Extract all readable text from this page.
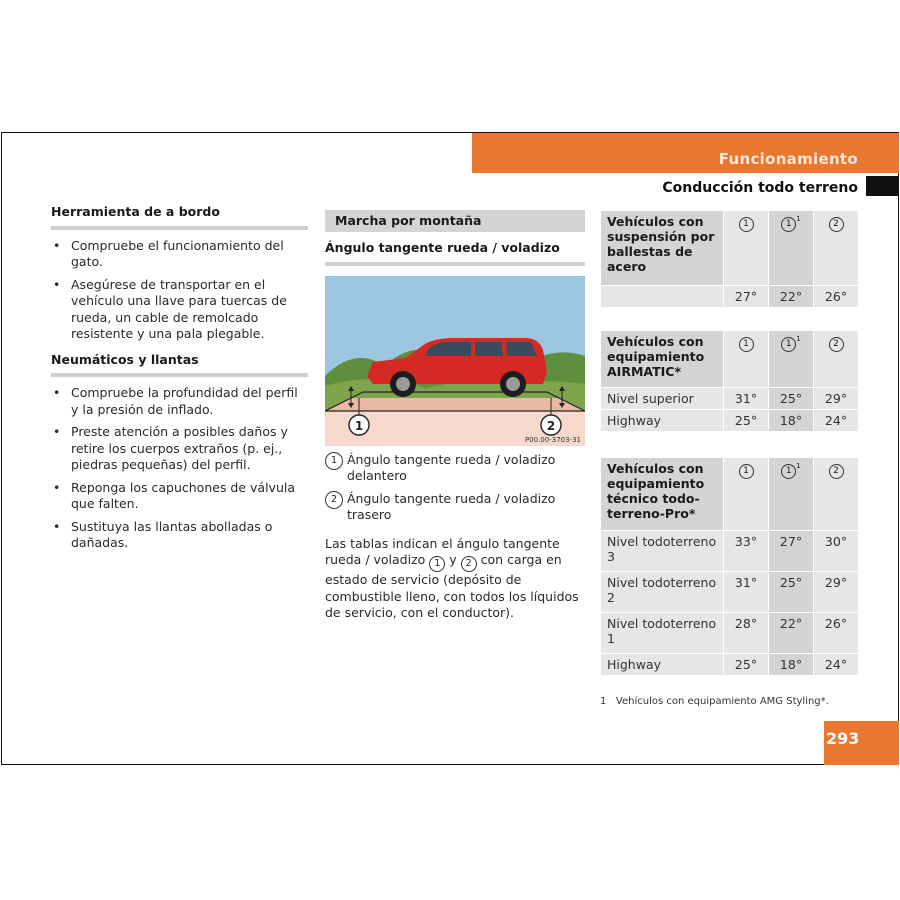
Funcionamiento
Conducción todo terreno
Herramienta de a bordo
• Compruebe el funcionamiento del gato.
• Asegúrese de transportar en el vehículo una llave para tuercas de rueda, un cable de remolcado resistente y una pala plegable.
Neumáticos y llantas
• Compruebe la profundidad del perfil y la presión de inflado.
• Preste atención a posibles daños y retire los cuerpos extraños (p. ej., piedras pequeñas) del perfil.
• Reponga los capuchones de válvula que falten.
• Sustituya las llantas abolladas o dañadas.
Marcha por montaña
Ángulo tangente rueda / voladizo
1	2
P00.00-3703-31
1 Ángulo tangente rueda / voladizo delantero
2 Ángulo tangente rueda / voladizo trasero
Las tablas indican el ángulo tangente rueda / voladizo 1 y 2 con carga en estado de servicio (depósito de combustible lleno, con todos los líquidos de servicio, con el conductor).
Vehículos con suspensión por ballestas de acero	1	$1^1$	2
	27°	22°	26°
Vehículos con equipamiento AIRMATIC*	1	$1^1$	2
Nivel superior	31°	25°	29°
Highway	25°	18°	24°
Vehículos con equipamiento técnico todo-terreno-Pro*	1	$1^1$	2
Nivel todoterreno 3	33°	27°	30°
Nivel todoterreno 2	31°	25°	29°
Nivel todoterreno 1	28°	22°	26°
Highway	25°	18°	24°
1 Vehículos con equipamiento AMG Styling*.
293
